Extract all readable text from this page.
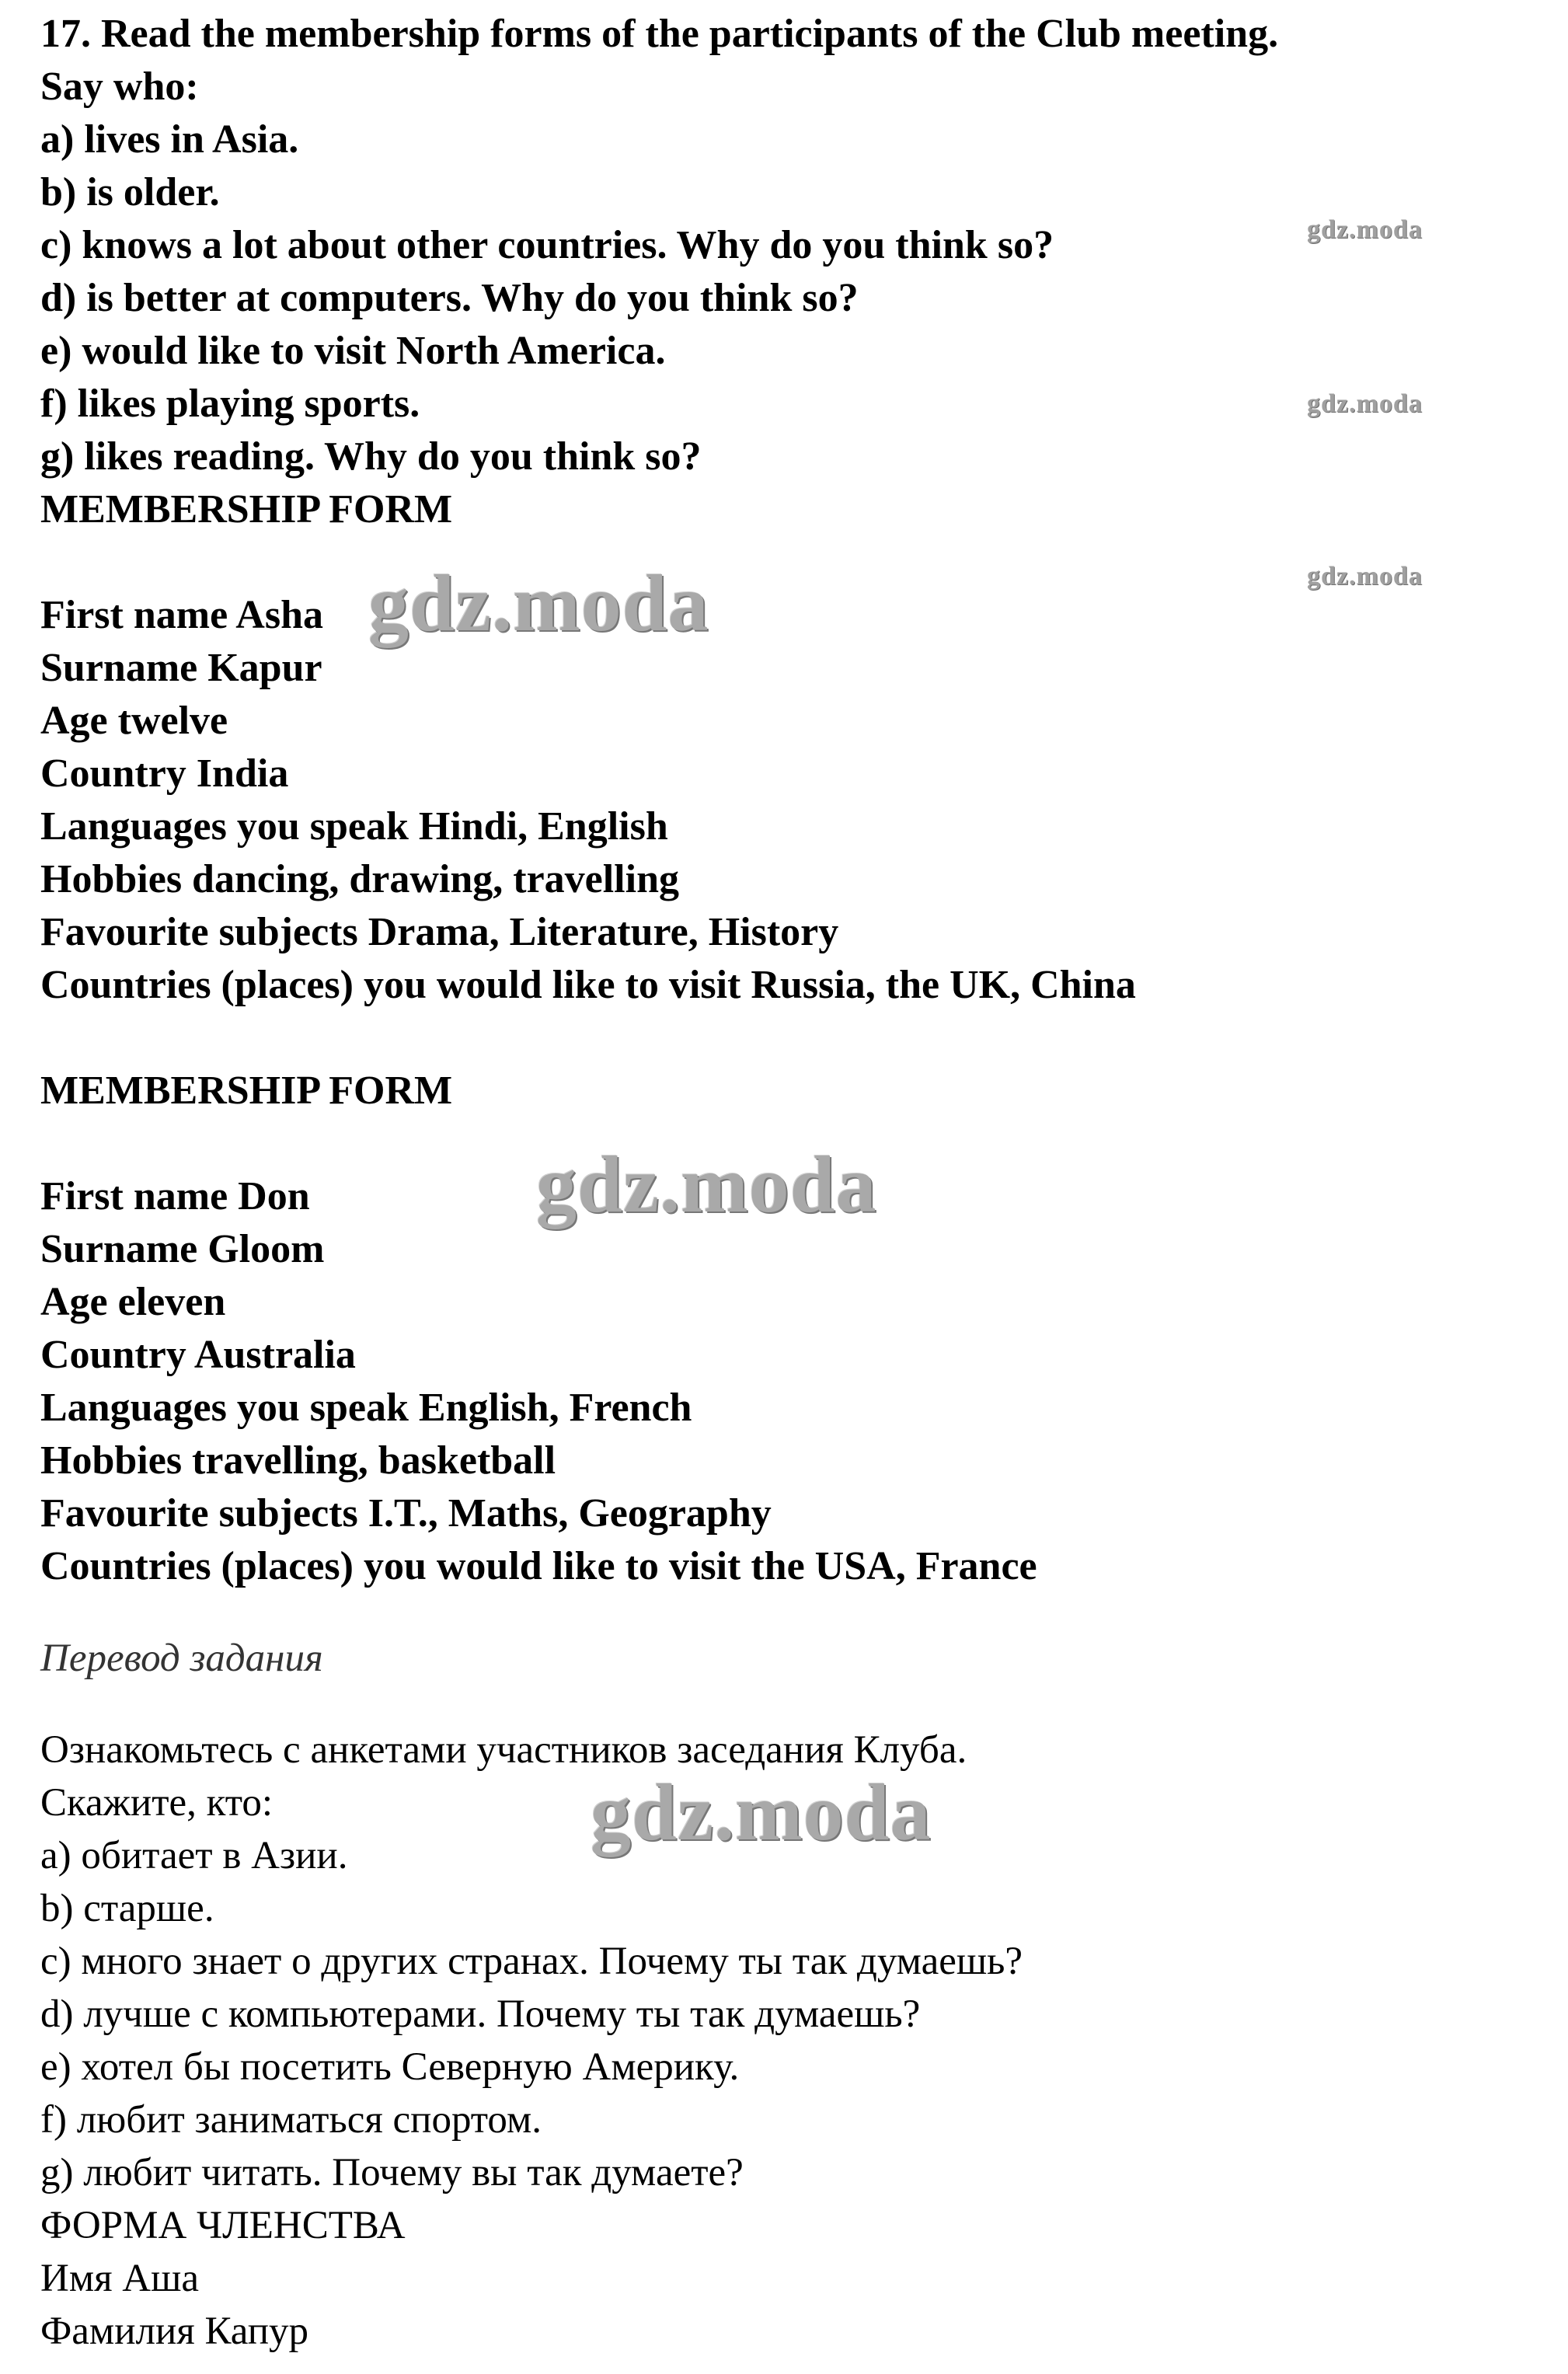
17. Read the membership forms of the participants of the Club meeting.
Say who:
a) lives in Asia.
b) is older.
c) knows a lot about other countries. Why do you think so?
d) is better at computers. Why do you think so?
e) would like to visit North America.
f) likes playing sports.
g) likes reading. Why do you think so?
MEMBERSHIP FORM
First name Asha
Surname Kapur
Age twelve
Country India
Languages you speak Hindi, English
Hobbies dancing, drawing, travelling
Favourite subjects Drama, Literature, History
Countries (places) you would like to visit Russia, the UK, China
MEMBERSHIP FORM
First name Don
Surname Gloom
Age eleven
Country Australia
Languages you speak English, French
Hobbies travelling, basketball
Favourite subjects I.T., Maths, Geography
Countries (places) you would like to visit the USA, France
Перевод задания
Ознакомьтесь с анкетами участников заседания Клуба.
Скажите, кто:
a) обитает в Азии.
b) старше.
c) много знает о других странах. Почему ты так думаешь?
d) лучше с компьютерами. Почему ты так думаешь?
e) хотел бы посетить Северную Америку.
f) любит заниматься спортом.
g) любит читать. Почему вы так думаете?
ФОРМА ЧЛЕНСТВА
Имя Аша
Фамилия Капур
gdz.moda
gdz.moda
gdz.moda
gdz.moda
gdz.moda
gdz.moda
